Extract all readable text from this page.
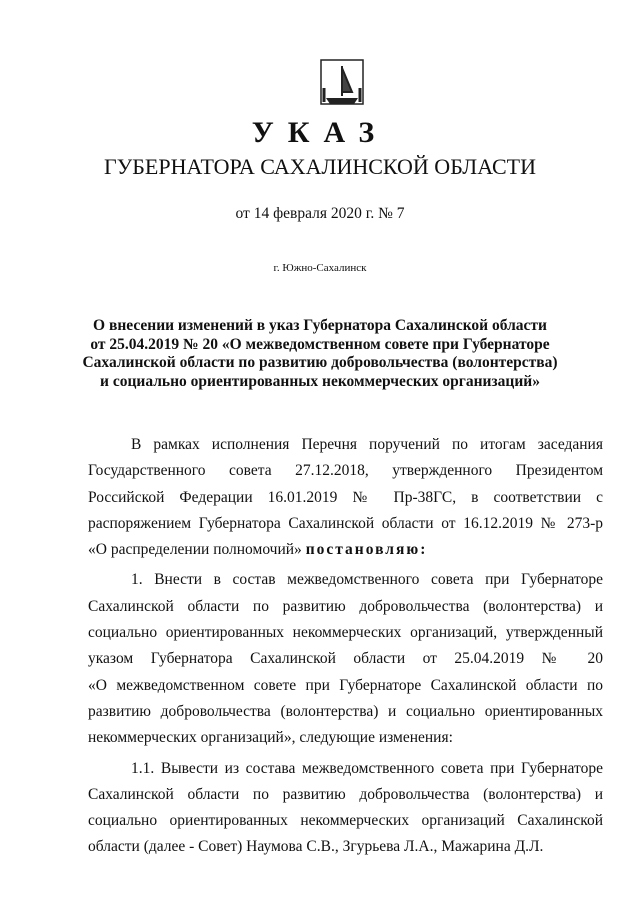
УКАЗ
ГУБЕРНАТОРА САХАЛИНСКОЙ ОБЛАСТИ
от 14 февраля 2020 г. № 7
г. Южно-Сахалинск
О внесении изменений в указ Губернатора Сахалинской области
от 25.04.2019 № 20 «О межведомственном совете при Губернаторе
Сахалинской области по развитию добровольчества (волонтерства)
и социально ориентированных некоммерческих организаций»
В рамках исполнения Перечня поручений по итогам заседания
Государственного совета 27.12.2018, утвержденного Президентом
Российской Федерации 16.01.2019 № Пр-38ГС, в соответствии с
распоряжением Губернатора Сахалинской области от 16.12.2019 № 273-р
«О распределении полномочий» постановляю:
1. Внести в состав межведомственного совета при Губернаторе
Сахалинской области по развитию добровольчества (волонтерства) и
социально ориентированных некоммерческих организаций, утвержденный
указом Губернатора Сахалинской области от 25.04.2019 № 20
«О межведомственном совете при Губернаторе Сахалинской области по
развитию добровольчества (волонтерства) и социально ориентированных
некоммерческих организаций», следующие изменения:
1.1. Вывести из состава межведомственного совета при Губернаторе
Сахалинской области по развитию добровольчества (волонтерства) и
социально ориентированных некоммерческих организаций Сахалинской
области (далее - Совет) Наумова С.В., Згурьева Л.А., Мажарина Д.Л.
